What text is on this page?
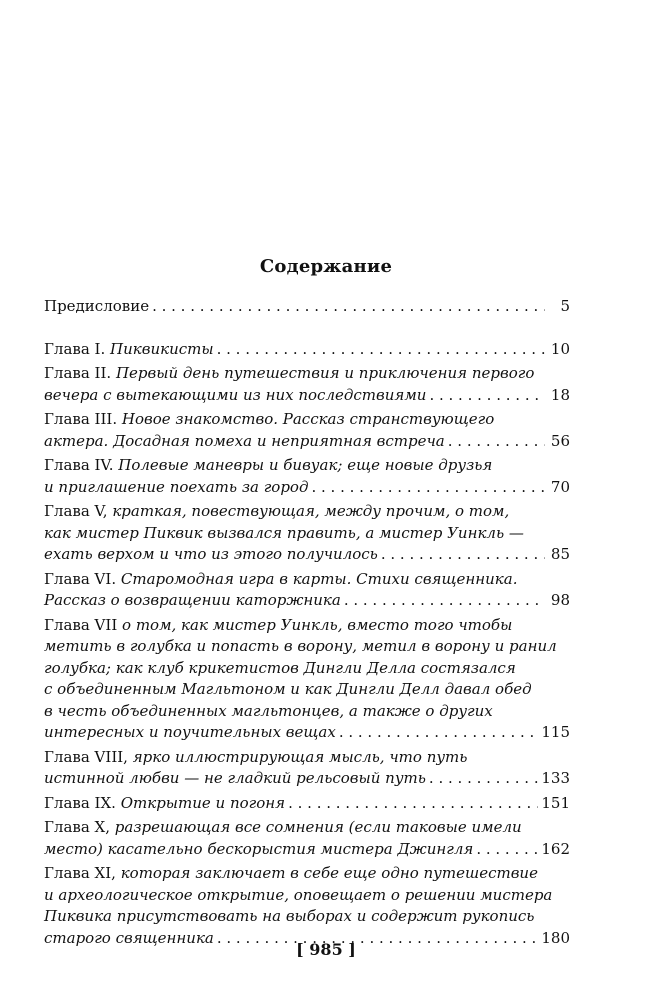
Содержание
Предисловие . . .	5
Глава I. Пиквикисты . . .	10
Глава II. Первый день путешествия и приключения первого
вечера с вытекающими из них последствиями . . .	18
Глава III. Новое знакомство. Рассказ странствующего
актера. Досадная помеха и неприятная встреча . . .	56
Глава IV. Полевые маневры и бивуак; еще новые друзья
и приглашение поехать за город . . .	70
Глава V, краткая, повествующая, между прочим, о том,
как мистер Пиквик вызвался править, а мистер Уинкль —
ехать верхом и что из этого получилось . . .	85
Глава VI. Старомодная игра в карты. Стихи священника.
Рассказ о возвращении каторжника . . .	98
Глава VII о том, как мистер Уинкль, вместо того чтобы
метить в голубка и попасть в ворону, метил в ворону и ранил
голубка; как клуб крикетистов Дингли Делла состязался
с объединенным Магльтоном и как Дингли Делл давал обед
в честь объединенных магльтонцев, а также о других
интересных и поучительных вещах . . .	115
Глава VIII, ярко иллюстрирующая мысль, что путь
истинной любви — не гладкий рельсовый путь . . .	133
Глава IX. Открытие и погоня . . .	151
Глава X, разрешающая все сомнения (если таковые имели
место) касательно бескорыстия мистера Джингля . . .	162
Глава XI, которая заключает в себе еще одно путешествие
и археологическое открытие, оповещает о решении мистера
Пиквика присутствовать на выборах и содержит рукопись
старого священника . . .	180
[ 985 ]
